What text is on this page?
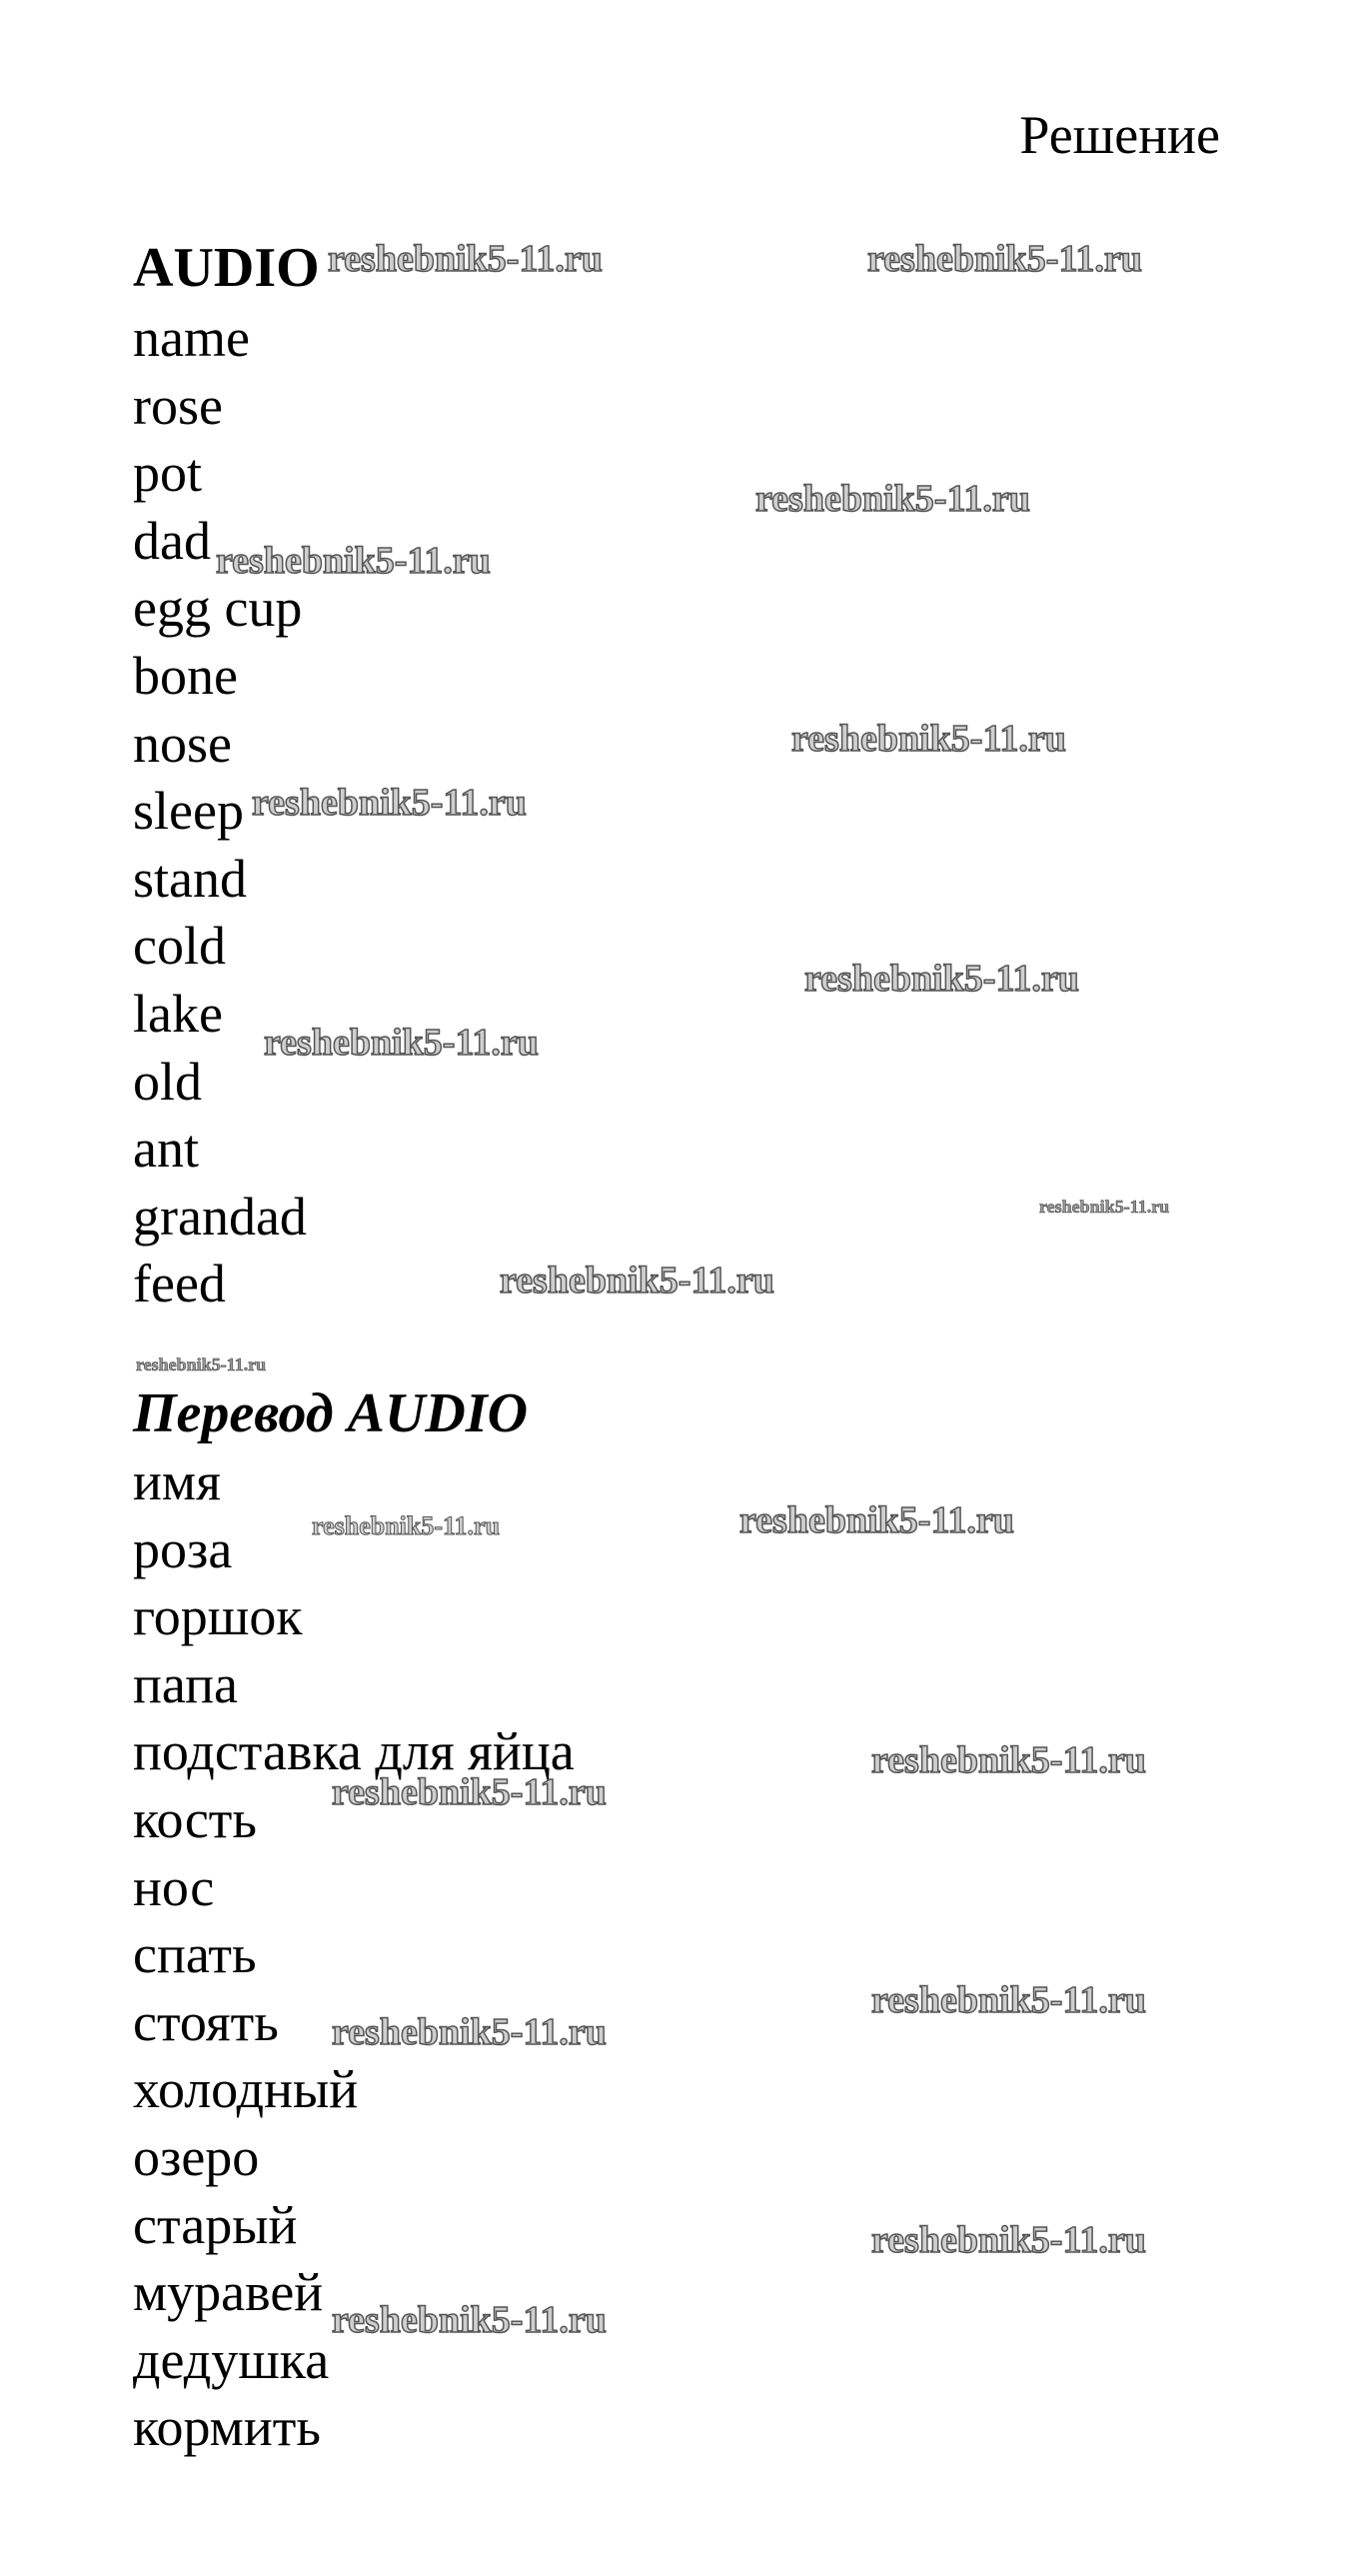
Решение
AUDIO
name
rose
pot
dad
egg cup
bone
nose
sleep
stand
cold
lake
old
ant
grandad
feed
Перевод AUDIO
имя
роза
горшок
папа
подставка для яйца
кость
нос
спать
стоять
холодный
озеро
старый
муравей
дедушка
кормить
reshebnik5-11.ru	reshebnik5-11.ru
reshebnik5-11.ru
reshebnik5-11.ru
reshebnik5-11.ru
reshebnik5-11.ru
reshebnik5-11.ru
reshebnik5-11.ru
reshebnik5-11.ru
reshebnik5-11.ru
reshebnik5-11.ru
reshebnik5-11.ru	reshebnik5-11.ru
reshebnik5-11.ru
reshebnik5-11.ru
reshebnik5-11.ru
reshebnik5-11.ru
reshebnik5-11.ru
reshebnik5-11.ru
